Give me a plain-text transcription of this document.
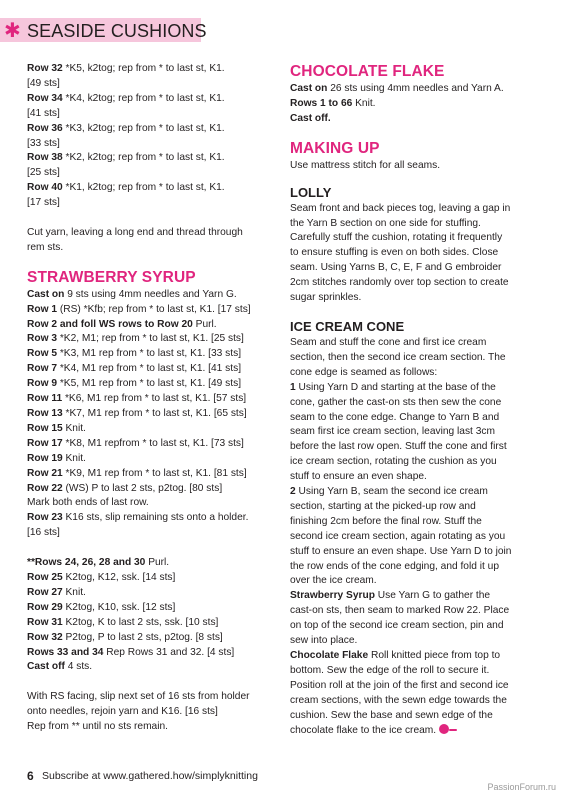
✱ SEASIDE CUSHIONS

Row 32 *K5, k2tog; rep from * to last st, K1.

[49 sts]

Row 34 *K4, k2tog; rep from * to last st, K1.

[41 sts]

Row 36 *K3, k2tog; rep from * to last st, K1.

[33 sts]

Row 38 *K2, k2tog; rep from * to last st, K1.

[25 sts]

Row 40 *K1, k2tog; rep from * to last st, K1.

[17 sts]

Cut yarn, leaving a long end and thread through

rem sts.

STRAWBERRY SYRUP

Cast on 9 sts using 4mm needles and Yarn G.

Row 1 (RS) *Kfb; rep from * to last st, K1. [17 sts]

Row 2 and foll WS rows to Row 20 Purl.

Row 3 *K2, M1; rep from * to last st, K1. [25 sts]

Row 5 *K3, M1 rep from * to last st, K1. [33 sts]

Row 7 *K4, M1 rep from * to last st, K1. [41 sts]

Row 9 *K5, M1 rep from * to last st, K1. [49 sts]

Row 11 *K6, M1 rep from * to last st, K1. [57 sts]

Row 13 *K7, M1 rep from * to last st, K1. [65 sts]

Row 15 Knit.

Row 17 *K8, M1 repfrom * to last st, K1. [73 sts]

Row 19 Knit.

Row 21 *K9, M1 rep from * to last st, K1. [81 sts]

Row 22 (WS) P to last 2 sts, p2tog. [80 sts]

Mark both ends of last row.

Row 23 K16 sts, slip remaining sts onto a holder.

[16 sts]

**Rows 24, 26, 28 and 30 Purl.

Row 25 K2tog, K12, ssk. [14 sts]

Row 27 Knit.

Row 29 K2tog, K10, ssk. [12 sts]

Row 31 K2tog, K to last 2 sts, ssk. [10 sts]

Row 32 P2tog, P to last 2 sts, p2tog. [8 sts]

Rows 33 and 34 Rep Rows 31 and 32. [4 sts]

Cast off 4 sts.

With RS facing, slip next set of 16 sts from holder

onto needles, rejoin yarn and K16. [16 sts]

Rep from ** until no sts remain.

CHOCOLATE FLAKE

Cast on 26 sts using 4mm needles and Yarn A.

Rows 1 to 66 Knit.

Cast off.

MAKING UP

Use mattress stitch for all seams.

LOLLY

Seam front and back pieces tog, leaving a gap in

the Yarn B section on one side for stuffing.

Carefully stuff the cushion, rotating it frequently

to ensure stuffing is even on both sides. Close

seam. Using Yarns B, C, E, F and G embroider

2cm stitches randomly over top section to create

sugar sprinkles.

ICE CREAM CONE

Seam and stuff the cone and first ice cream

section, then the second ice cream section. The

cone edge is seamed as follows:

1 Using Yarn D and starting at the base of the

cone, gather the cast-on sts then sew the cone

seam to the cone edge. Change to Yarn B and

seam first ice cream section, leaving last 3cm

before the last row open. Stuff the cone and first

ice cream section, rotating the cushion as you

stuff to ensure an even shape.

2 Using Yarn B, seam the second ice cream

section, starting at the picked-up row and

finishing 2cm before the final row. Stuff the

second ice cream section, again rotating as you

stuff to ensure an even shape. Use Yarn D to join

the row ends of the cone edging, and fold it up

over the ice cream.

Strawberry Syrup Use Yarn G to gather the

cast-on sts, then seam to marked Row 22. Place

on top of the second ice cream section, pin and

sew into place.

Chocolate Flake Roll knitted piece from top to

bottom. Sew the edge of the roll to secure it.

Position roll at the join of the first and second ice

cream sections, with the sewn edge towards the

cushion. Sew the base and sewn edge of the

chocolate flake to the ice cream.

6 Subscribe at www.gathered.how/simplyknitting
PassionForum.ru
